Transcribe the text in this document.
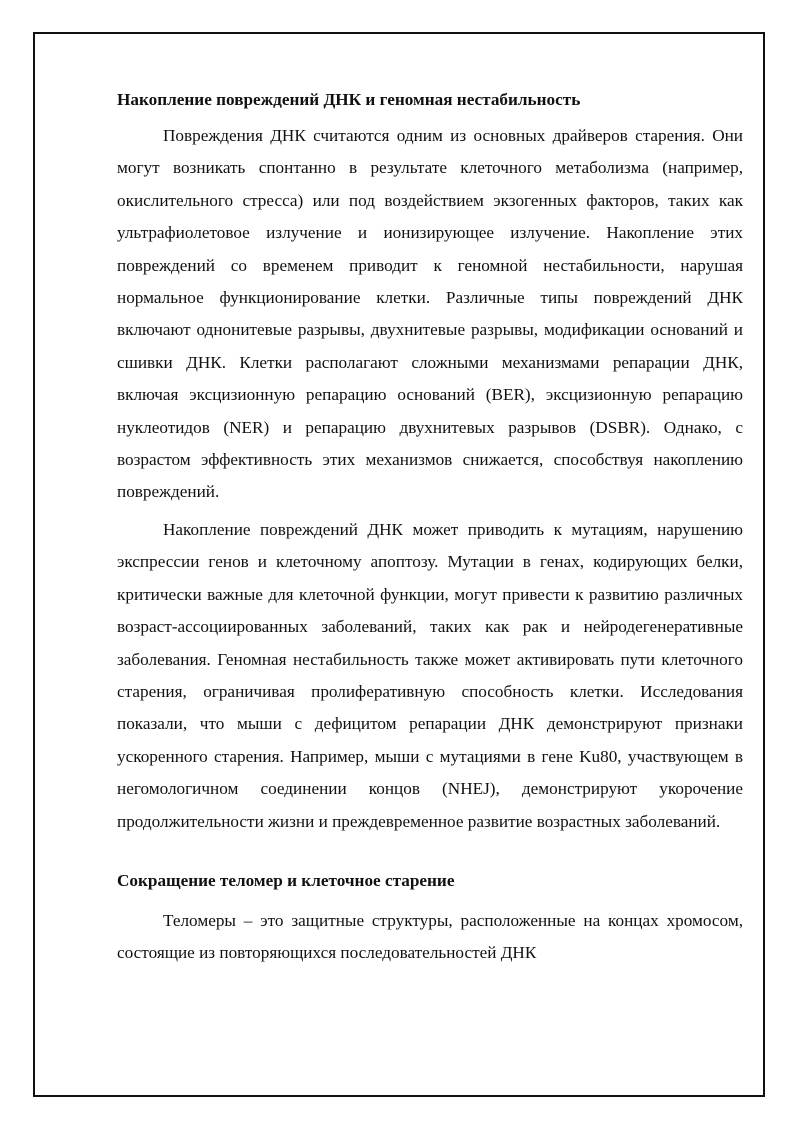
Накопление повреждений ДНК и геномная нестабильность

Повреждения ДНК считаются одним из основных драйверов старения. Они могут возникать спонтанно в результате клеточного метаболизма (например, окислительного стресса) или под воздействием экзогенных факторов, таких как ультрафиолетовое излучение и ионизирующее излучение. Накопление этих повреждений со временем приводит к геномной нестабильности, нарушая нормальное функционирование клетки. Различные типы повреждений ДНК включают однонитевые разрывы, двухнитевые разрывы, модификации оснований и сшивки ДНК. Клетки располагают сложными механизмами репарации ДНК, включая эксцизионную репарацию оснований (BER), эксцизионную репарацию нуклеотидов (NER) и репарацию двухнитевых разрывов (DSBR). Однако, с возрастом эффективность этих механизмов снижается, способствуя накоплению повреждений.

Накопление повреждений ДНК может приводить к мутациям, нарушению экспрессии генов и клеточному апоптозу. Мутации в генах, кодирующих белки, критически важные для клеточной функции, могут привести к развитию различных возраст-ассоциированных заболеваний, таких как рак и нейродегенеративные заболевания. Геномная нестабильность также может активировать пути клеточного старения, ограничивая пролиферативную способность клетки. Исследования показали, что мыши с дефицитом репарации ДНК демонстрируют признаки ускоренного старения. Например, мыши с мутациями в гене Ku80, участвующем в негомологичном соединении концов (NHEJ), демонстрируют укорочение продолжительности жизни и преждевременное развитие возрастных заболеваний.

Сокращение теломер и клеточное старение

Теломеры – это защитные структуры, расположенные на концах хромосом, состоящие из повторяющихся последовательностей ДНК
